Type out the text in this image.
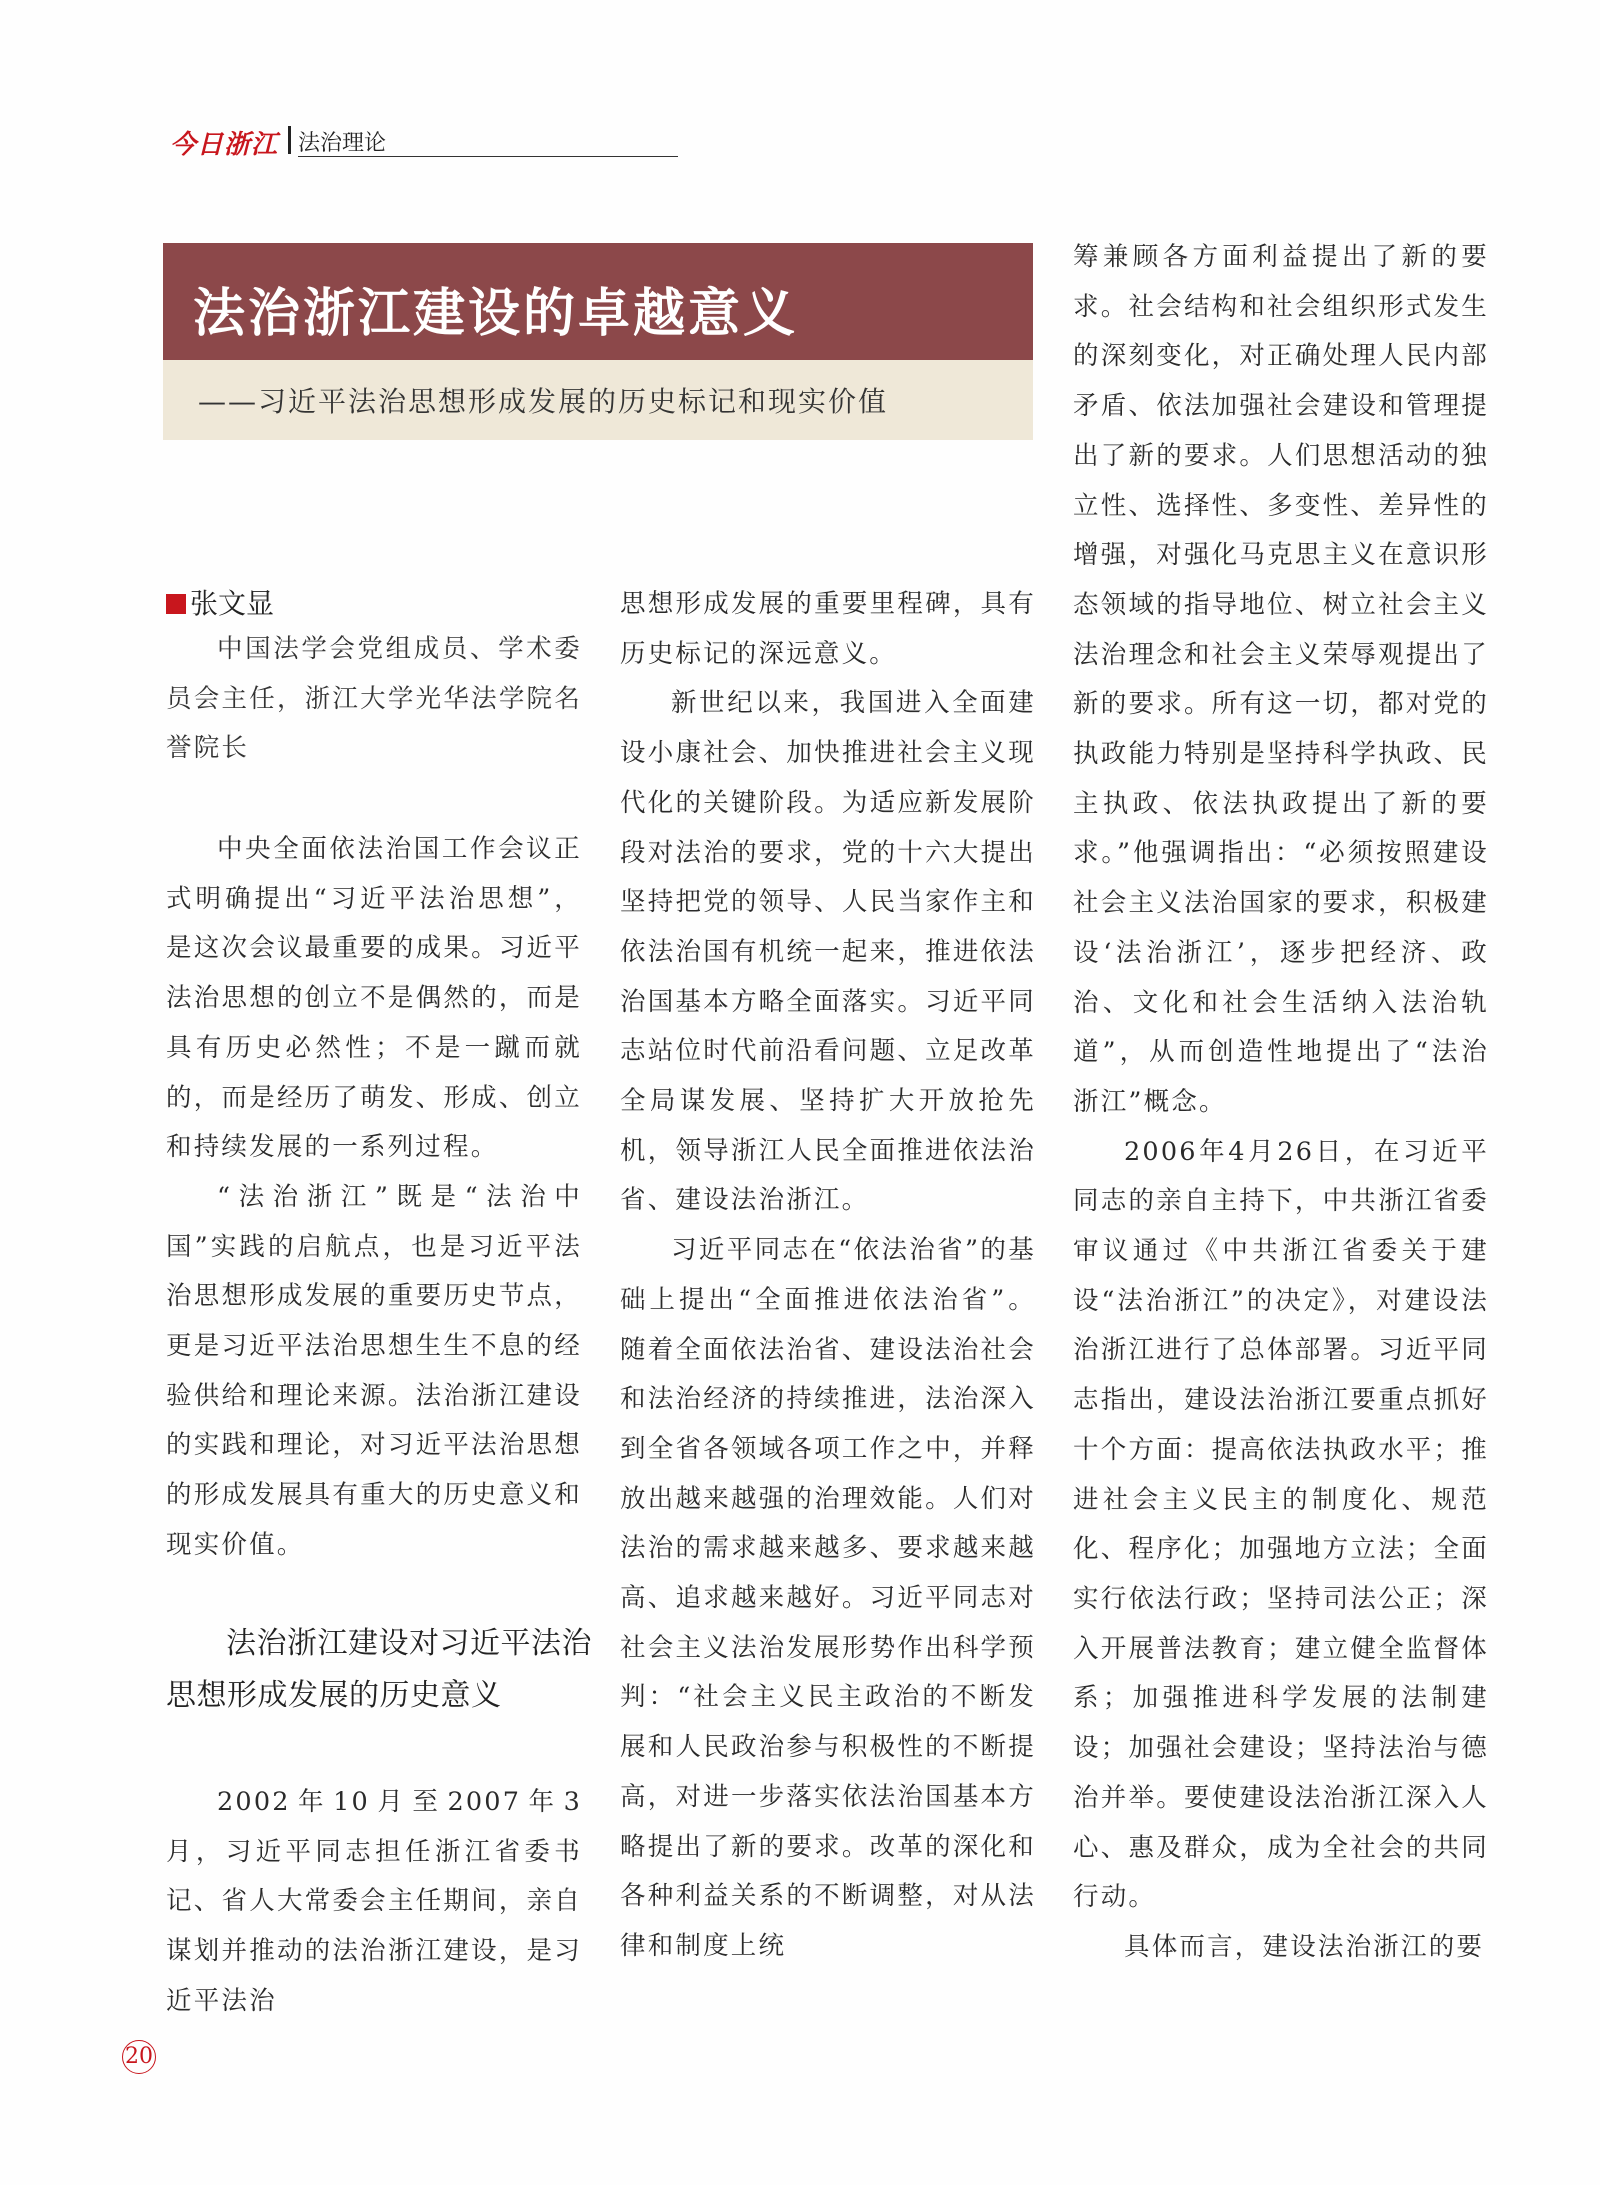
今日浙江 法治理论
法治浙江建设的卓越意义
——习近平法治思想形成发展的历史标记和现实价值
张文显
中国法学会党组成员、学术委员会主任，浙江大学光华法学院名誉院长

中央全面依法治国工作会议正式明确提出“习近平法治思想”，是这次会议最重要的成果。习近平法治思想的创立不是偶然的，而是具有历史必然性；不是一蹴而就的，而是经历了萌发、形成、创立和持续发展的一系列过程。

“法治浙江”既是“法治中国”实践的启航点，也是习近平法治思想形成发展的重要历史节点，更是习近平法治思想生生不息的经验供给和理论来源。法治浙江建设的实践和理论，对习近平法治思想的形成发展具有重大的历史意义和现实价值。

法治浙江建设对习近平法治思想形成发展的历史意义

2002年10月至2007年3月，习近平同志担任浙江省委书记、省人大常委会主任期间，亲自谋划并推动的法治浙江建设，是习近平法治

思想形成发展的重要里程碑，具有历史标记的深远意义。

新世纪以来，我国进入全面建设小康社会、加快推进社会主义现代化的关键阶段。为适应新发展阶段对法治的要求，党的十六大提出坚持把党的领导、人民当家作主和依法治国有机统一起来，推进依法治国基本方略全面落实。习近平同志站位时代前沿看问题、立足改革全局谋发展、坚持扩大开放抢先机，领导浙江人民全面推进依法治省、建设法治浙江。

习近平同志在“依法治省”的基础上提出“全面推进依法治省”。随着全面依法治省、建设法治社会和法治经济的持续推进，法治深入到全省各领域各项工作之中，并释放出越来越强的治理效能。人们对法治的需求越来越多、要求越来越高、追求越来越好。习近平同志对社会主义法治发展形势作出科学预判：“社会主义民主政治的不断发展和人民政治参与积极性的不断提高，对进一步落实依法治国基本方略提出了新的要求。改革的深化和各种利益关系的不断调整，对从法律和制度上统

筹兼顾各方面利益提出了新的要求。社会结构和社会组织形式发生的深刻变化，对正确处理人民内部矛盾、依法加强社会建设和管理提出了新的要求。人们思想活动的独立性、选择性、多变性、差异性的增强，对强化马克思主义在意识形态领域的指导地位、树立社会主义法治理念和社会主义荣辱观提出了新的要求。所有这一切，都对党的执政能力特别是坚持科学执政、民主执政、依法执政提出了新的要求。”他强调指出：“必须按照建设社会主义法治国家的要求，积极建设‘法治浙江’，逐步把经济、政治、文化和社会生活纳入法治轨道”，从而创造性地提出了“法治浙江”概念。

2006年4月26日，在习近平同志的亲自主持下，中共浙江省委审议通过《中共浙江省委关于建设“法治浙江”的决定》，对建设法治浙江进行了总体部署。习近平同志指出，建设法治浙江要重点抓好十个方面：提高依法执政水平；推进社会主义民主的制度化、规范化、程序化；加强地方立法；全面实行依法行政；坚持司法公正；深入开展普法教育；建立健全监督体系；加强推进科学发展的法制建设；加强社会建设；坚持法治与德治并举。要使建设法治浙江深入人心、惠及群众，成为全社会的共同行动。

具体而言，建设法治浙江的要

20
